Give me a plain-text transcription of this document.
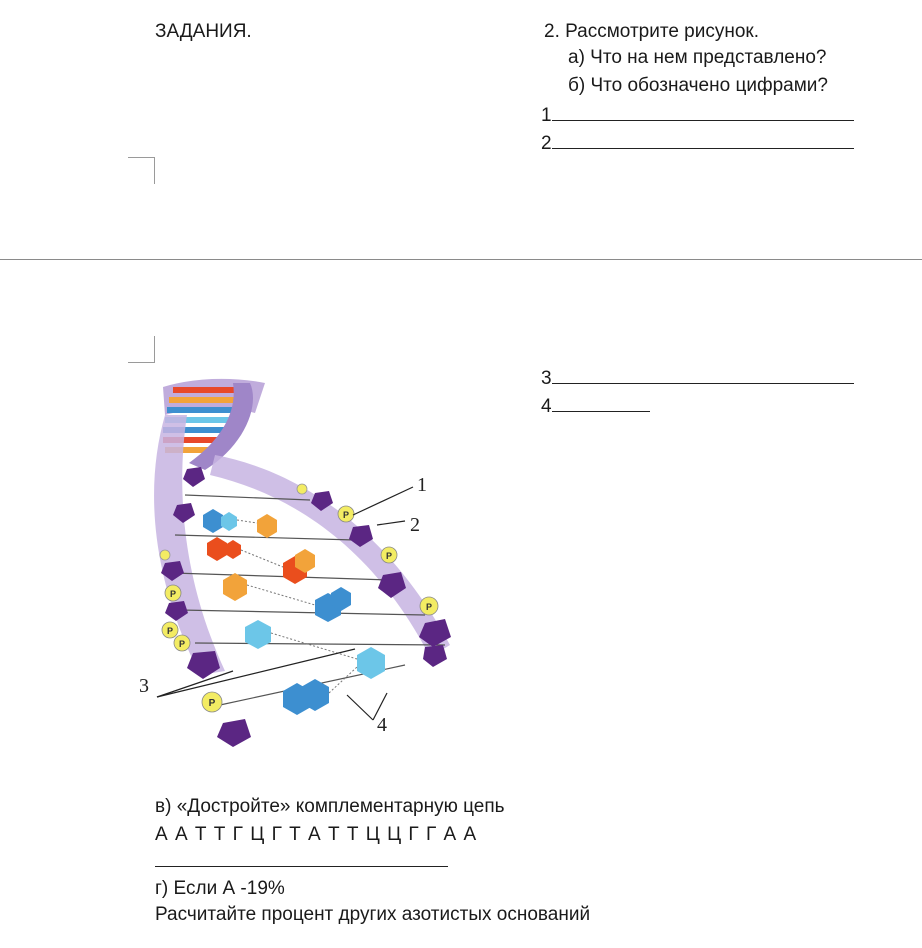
ЗАДАНИЯ.	2. Рассмотрите рисунок.
а) Что на нем представлено?
б) Что обозначено цифрами?
1
2
3
4
P
P
P
P
P
P
P
1
2
3
4
в) «Достройте» комплементарную цепь
А А Т Т Г Ц Г Т А Т Т Ц Ц Г Г А А
г) Если А -19%
Расчитайте процент других азотистых оснований
